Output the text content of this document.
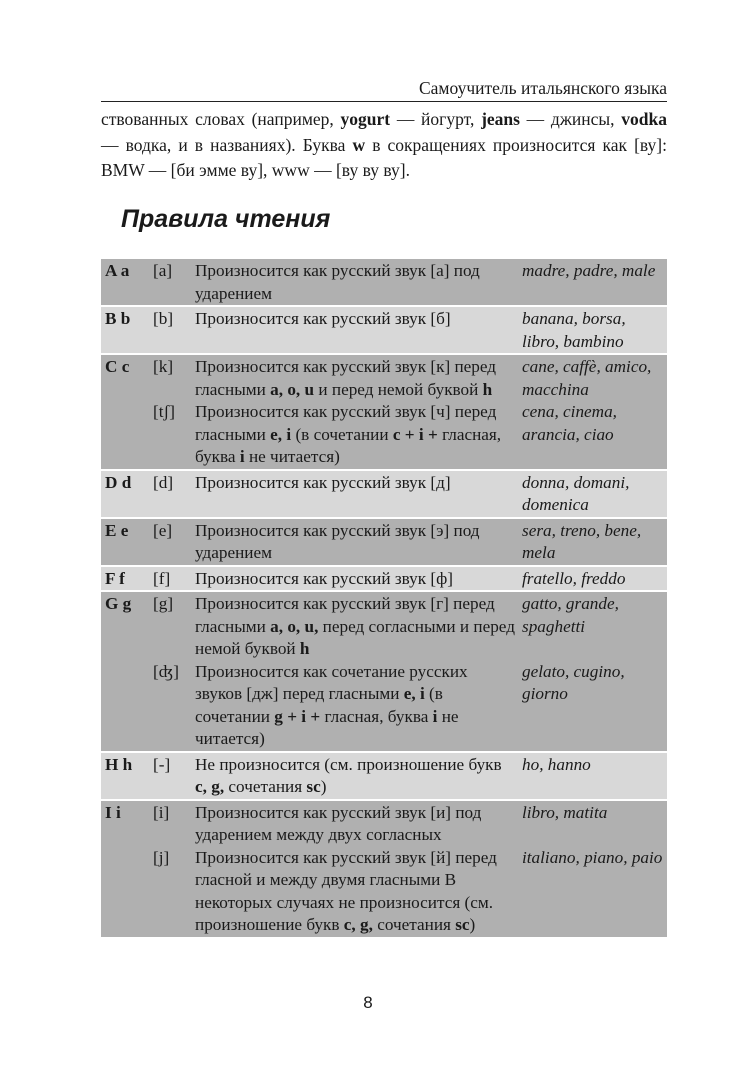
Самоучитель итальянского языка

ствованных словах (например, yogurt — йогурт, jeans — джинсы, vodka — водка, и в названиях). Буква w в сокращениях произносится как [ву]: BMW — [би эмме ву], www — [ву ву ву].

Правила чтения
A a	[a]	Произносится как русский звук [а] под ударением	madre, padre, male
B b	[b]	Произносится как русский звук [б]	banana, borsa, libro, bambino
C c	[k]	Произносится как русский звук [к] перед гласными a, o, u и перед немой буквой h	cane, caffè, amico, macchina
	[tʃ]	Произносится как русский звук [ч] перед гласными e, i (в сочетании c + i + гласная, буква i не читается)	cena, cinema, arancia, ciao
D d	[d]	Произносится как русский звук [д]	donna, domani, domenica
E e	[e]	Произносится как русский звук [э] под ударением	sera, treno, bene, mela
F f	[f]	Произносится как русский звук [ф]	fratello, freddo
G g	[g]	Произносится как русский звук [г] перед гласными a, o, u, перед согласными и перед немой буквой h	gatto, grande, spaghetti
	[ʤ]	Произносится как сочетание русских звуков [дж] перед гласными e, i (в сочетании g + i + гласная, буква i не читается)	gelato, cugino, giorno
H h	[-]	Не произносится (см. произношение букв c, g, сочетания sc)	ho, hanno
I i	[i]	Произносится как русский звук [и] под ударением между двух согласных	libro, matita
	[j]	Произносится как русский звук [й] перед гласной и между двумя гласными В некоторых случаях не произносится (см. произношение букв c, g, сочетания sc)	italiano, piano, paio
8
